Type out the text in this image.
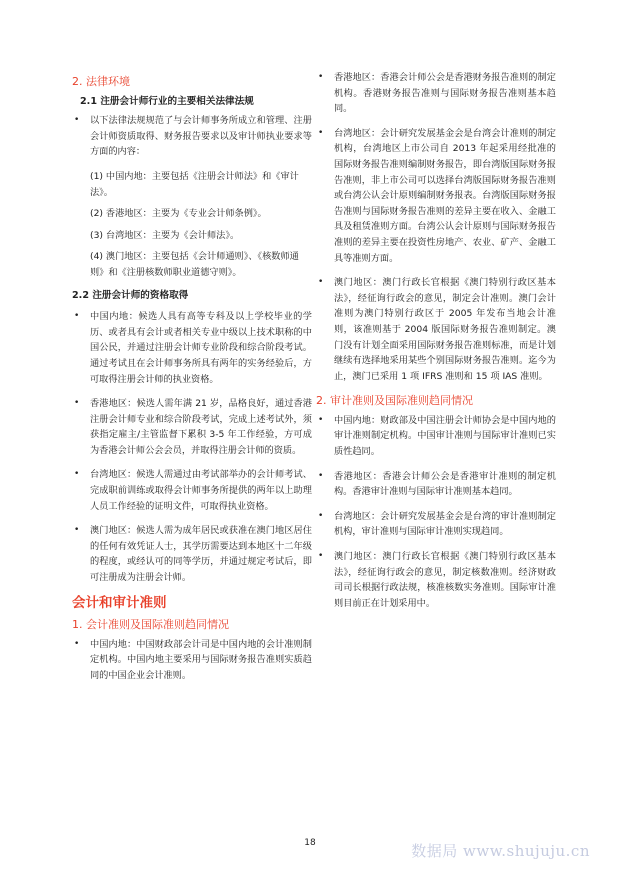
2. 法律环境
2.1 注册会计师行业的主要相关法律法规
• 以下法律法规规范了与会计师事务所成立和管理、注册会计师资质取得、财务报告要求以及审计师执业要求等方面的内容：
(1) 中国内地：主要包括《注册会计师法》和《审计法》。
(2) 香港地区：主要为《专业会计师条例》。
(3) 台湾地区：主要为《会计师法》。
(4) 澳门地区：主要包括《会计师通则》、《核数师通则》和《注册核数师职业道德守则》。
2.2 注册会计师的资格取得
• 中国内地：候选人具有高等专科及以上学校毕业的学历、或者具有会计或者相关专业中级以上技术职称的中国公民，并通过注册会计师专业阶段和综合阶段考试。通过考试且在会计师事务所具有两年的实务经验后，方可取得注册会计师的执业资格。
• 香港地区：候选人需年满 21 岁，品格良好，通过香港注册会计师专业和综合阶段考试，完成上述考试外，须获指定雇主/主管监督下累积 3-5 年工作经验，方可成为香港会计师公会会员，并取得注册会计师的资质。
• 台湾地区：候选人需通过由考试部举办的会计师考试、完成职前训练或取得会计师事务所提供的两年以上助理人员工作经验的证明文件，可取得执业资格。
• 澳门地区：候选人需为成年居民或获准在澳门地区居住的任何有效凭证人士，其学历需要达到本地区十二年级的程度，或经认可的同等学历，并通过规定考试后，即可注册成为注册会计师。
会计和审计准则
1. 会计准则及国际准则趋同情况
• 中国内地：中国财政部会计司是中国内地的会计准则制定机构。中国内地主要采用与国际财务报告准则实质趋同的中国企业会计准则。
• 香港地区：香港会计师公会是香港财务报告准则的制定机构。香港财务报告准则与国际财务报告准则基本趋同。
• 台湾地区：会计研究发展基金会是台湾会计准则的制定机构，台湾地区上市公司自 2013 年起采用经批准的国际财务报告准则编制财务报告，即台湾版国际财务报告准则，非上市公司可以选择台湾版国际财务报告准则或台湾公认会计原则编制财务报表。台湾版国际财务报告准则与国际财务报告准则的差异主要在收入、金融工具及租赁准则方面。台湾公认会计原则与国际财务报告准则的差异主要在投资性房地产、农业、矿产、金融工具等准则方面。
• 澳门地区：澳门行政长官根据《澳门特别行政区基本法》，经征询行政会的意见，制定会计准则。澳门会计准则为澳门特别行政区于 2005 年发布当地会计准则，该准则基于 2004 版国际财务报告准则制定。澳门没有计划全面采用国际财务报告准则标准，而是计划继续有选择地采用某些个别国际财务报告准则。迄今为止，澳门已采用 1 项 IFRS 准则和 15 项 IAS 准则。
2. 审计准则及国际准则趋同情况
• 中国内地：财政部及中国注册会计师协会是中国内地的审计准则制定机构。中国审计准则与国际审计准则已实质性趋同。
• 香港地区：香港会计师公会是香港审计准则的制定机构。香港审计准则与国际审计准则基本趋同。
• 台湾地区：会计研究发展基金会是台湾的审计准则制定机构，审计准则与国际审计准则实现趋同。
• 澳门地区：澳门行政长官根据《澳门特别行政区基本法》，经征询行政会的意见，制定核数准则。经济财政司司长根据行政法规，核准核数实务准则。国际审计准则目前正在计划采用中。
18	数据局 www.shujuju.cn
